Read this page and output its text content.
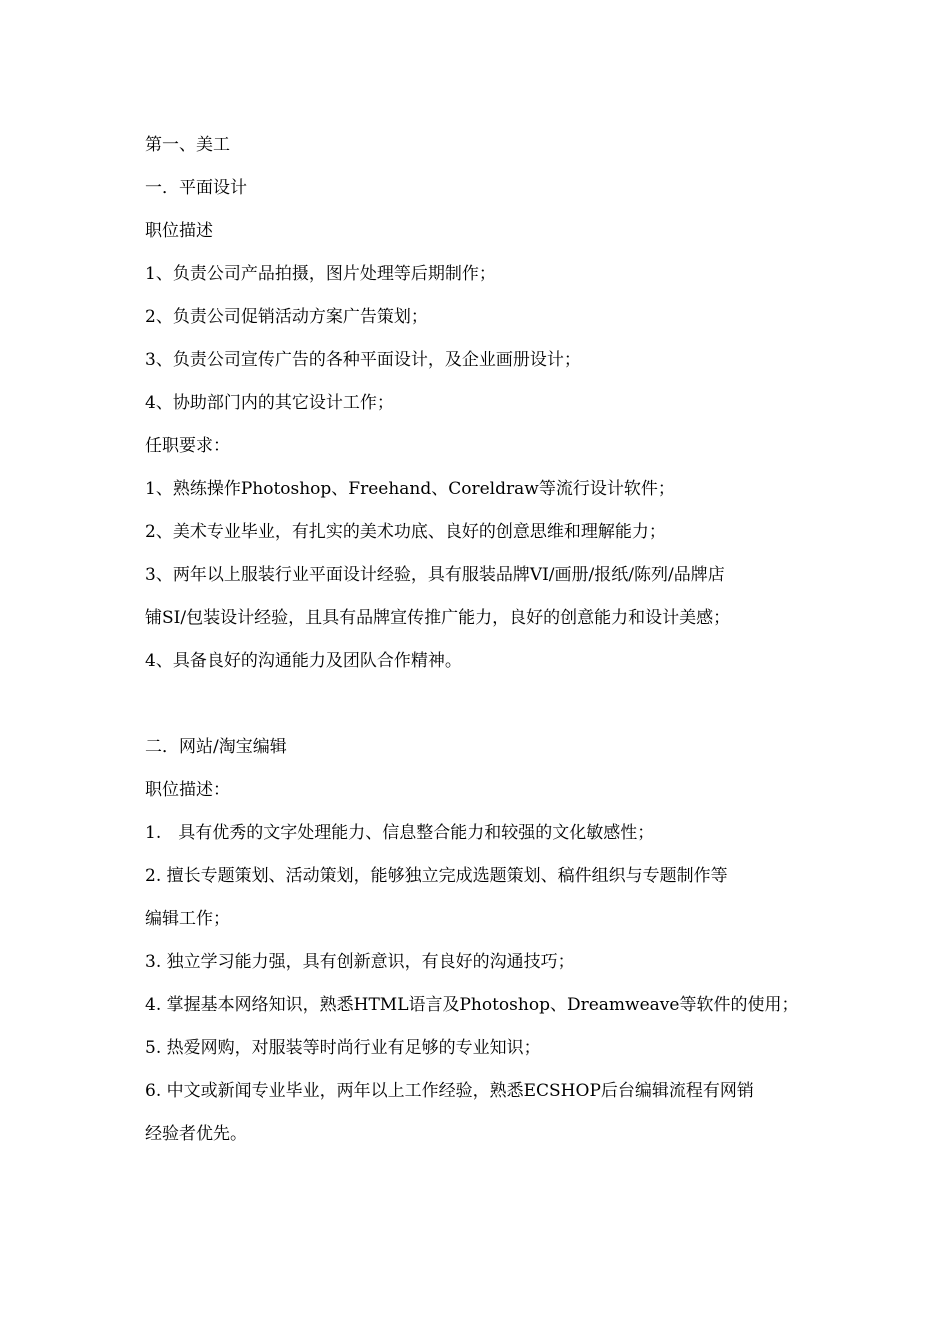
第一、美工
一．平面设计
职位描述
1、负责公司产品拍摄，图片处理等后期制作；
2、负责公司促销活动方案广告策划；
3、负责公司宣传广告的各种平面设计，及企业画册设计；
4、协助部门内的其它设计工作；
任职要求：
1、熟练操作Photoshop、Freehand、Coreldraw等流行设计软件；
2、美术专业毕业，有扎实的美术功底、良好的创意思维和理解能力；
3、两年以上服装行业平面设计经验，具有服装品牌VI/画册/报纸/陈列/品牌店
铺SI/包装设计经验，且具有品牌宣传推广能力，良好的创意能力和设计美感；
4、具备良好的沟通能力及团队合作精神。
二．网站/淘宝编辑
职位描述：
1.　具有优秀的文字处理能力、信息整合能力和较强的文化敏感性；
2. 擅长专题策划、活动策划，能够独立完成选题策划、稿件组织与专题制作等
编辑工作；
3. 独立学习能力强，具有创新意识，有良好的沟通技巧；
4. 掌握基本网络知识，熟悉HTML语言及Photoshop、Dreamweave等软件的使用；
5. 热爱网购，对服装等时尚行业有足够的专业知识；
6. 中文或新闻专业毕业，两年以上工作经验，熟悉ECSHOP后台编辑流程有网销
经验者优先。
